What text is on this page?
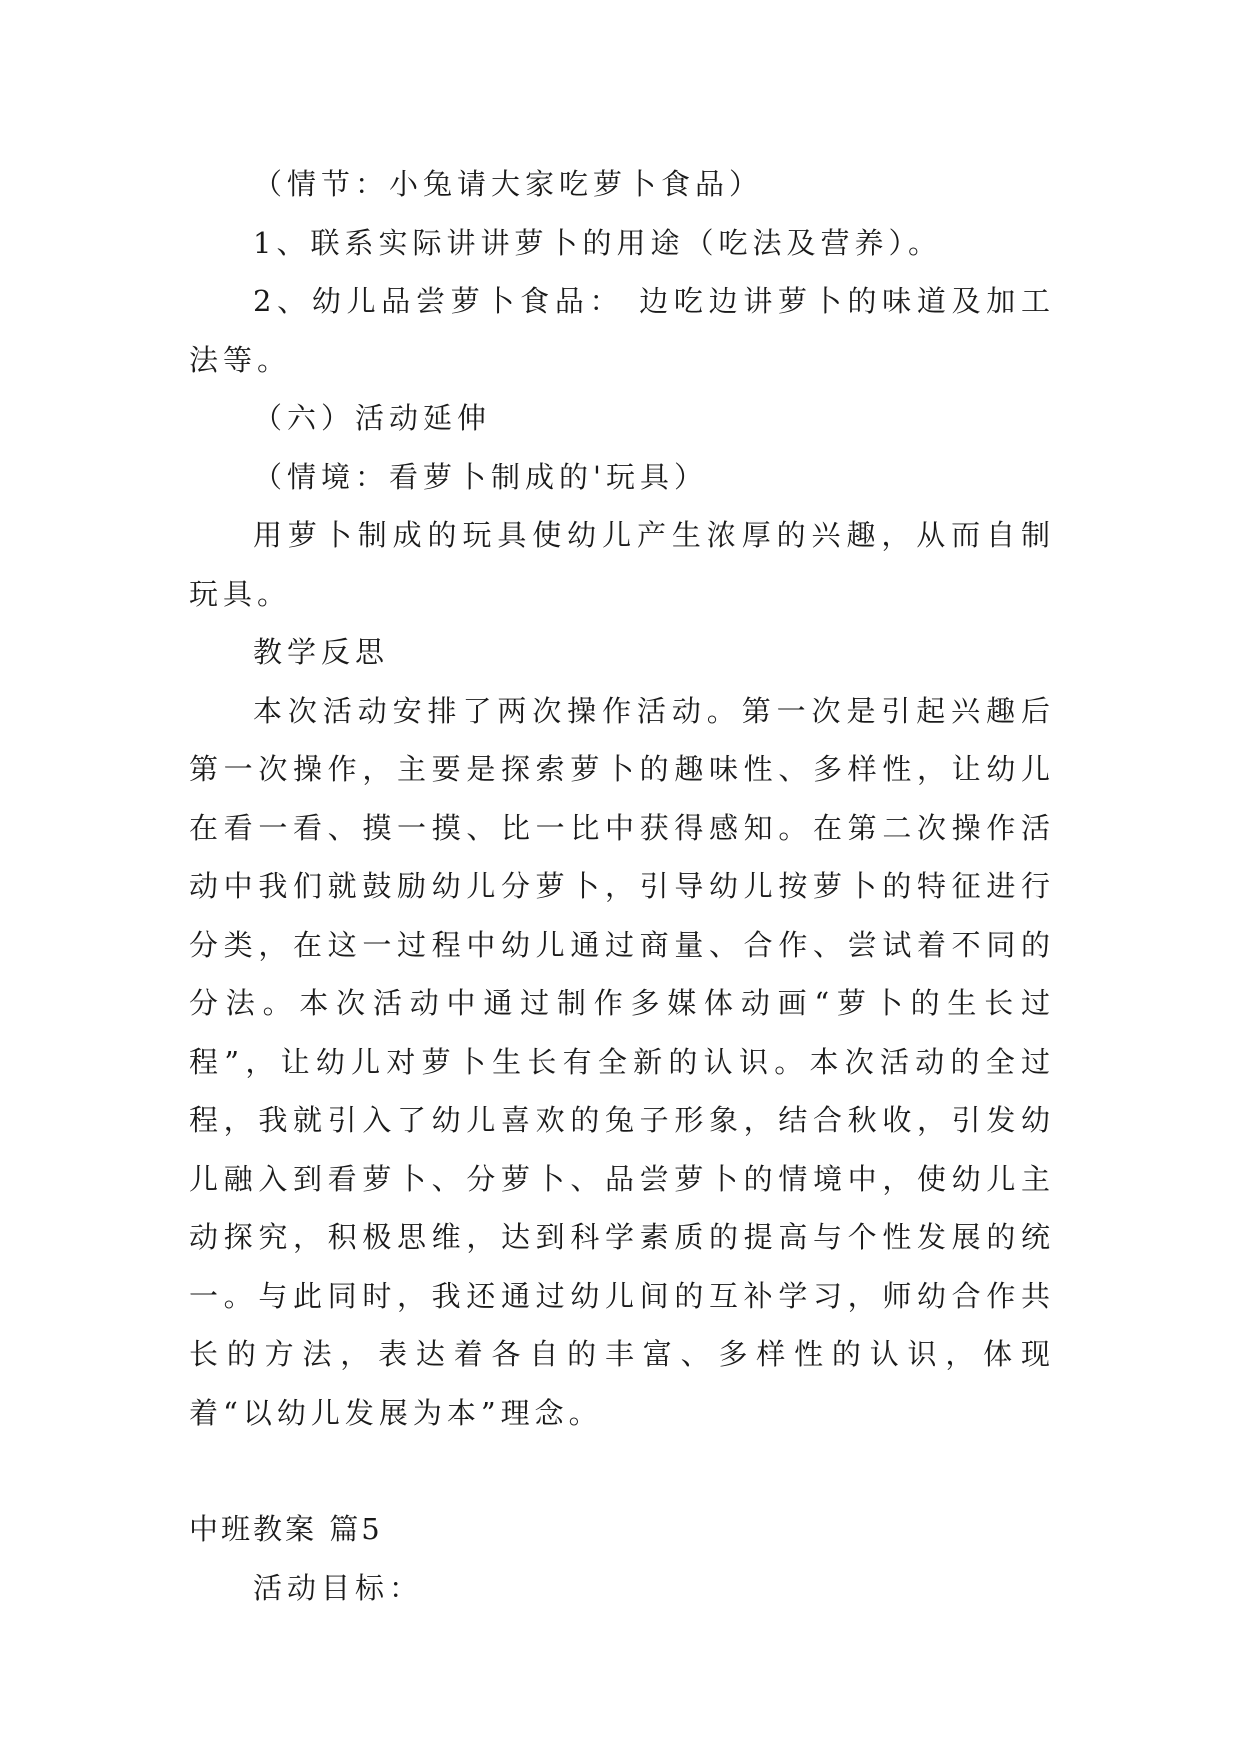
（情节：小兔请大家吃萝卜食品）

1、联系实际讲讲萝卜的用途（吃法及营养）。

2、幼儿品尝萝卜食品： 边吃边讲萝卜的味道及加工法等。

（六）活动延伸

（情境：看萝卜制成的'玩具）

用萝卜制成的玩具使幼儿产生浓厚的兴趣，从而自制玩具。

教学反思

本次活动安排了两次操作活动。第一次是引起兴趣后第一次操作，主要是探索萝卜的趣味性、多样性，让幼儿在看一看、摸一摸、比一比中获得感知。在第二次操作活动中我们就鼓励幼儿分萝卜，引导幼儿按萝卜的特征进行分类，在这一过程中幼儿通过商量、合作、尝试着不同的分法。本次活动中通过制作多媒体动画“萝卜的生长过程”，让幼儿对萝卜生长有全新的认识。本次活动的全过程，我就引入了幼儿喜欢的兔子形象，结合秋收，引发幼儿融入到看萝卜、分萝卜、品尝萝卜的情境中，使幼儿主动探究，积极思维，达到科学素质的提高与个性发展的统一。与此同时，我还通过幼儿间的互补学习，师幼合作共长的方法，表达着各自的丰富、多样性的认识，体现着“以幼儿发展为本”理念。

中班教案 篇5

活动目标：
